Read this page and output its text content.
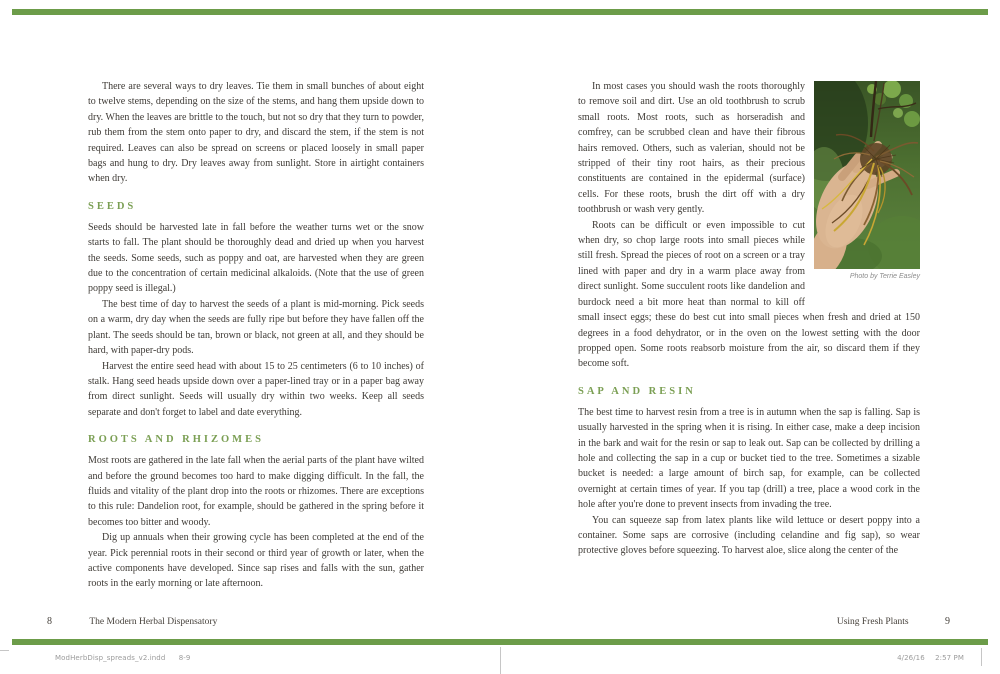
There are several ways to dry leaves. Tie them in small bunches of about eight to twelve stems, depending on the size of the stems, and hang them upside down to dry. When the leaves are brittle to the touch, but not so dry that they turn to powder, rub them from the stem onto paper to dry, and discard the stem, if the stem is not required. Leaves can also be spread on screens or placed loosely in small paper bags and hung to dry. Dry leaves away from sunlight. Store in airtight containers when dry.

SEEDS

Seeds should be harvested late in fall before the weather turns wet or the snow starts to fall. The plant should be thoroughly dead and dried up when you harvest the seeds. Some seeds, such as poppy and oat, are harvested when they are green due to the concentration of certain medicinal alkaloids. (Note that the use of green poppy seed is illegal.)

The best time of day to harvest the seeds of a plant is mid-morning. Pick seeds on a warm, dry day when the seeds are fully ripe but before they have fallen off the plant. The seeds should be tan, brown or black, not green at all, and they should be hard, with paper-dry pods.

Harvest the entire seed head with about 15 to 25 centimeters (6 to 10 inches) of stalk. Hang seed heads upside down over a paper-lined tray or in a paper bag away from direct sunlight. Seeds will usually dry within two weeks. Keep all seeds separate and don't forget to label and date everything.

ROOTS AND RHIZOMES

Most roots are gathered in the late fall when the aerial parts of the plant have wilted and before the ground becomes too hard to make digging difficult. In the fall, the fluids and vitality of the plant drop into the roots or rhizomes. There are exceptions to this rule: Dandelion root, for example, should be gathered in the spring before it becomes too bitter and woody.

Dig up annuals when their growing cycle has been completed at the end of the year. Pick perennial roots in their second or third year of growth or later, when the active components have developed. Since sap rises and falls with the sun, gather roots in the early morning or late afternoon.

Photo by Terrie Easley

In most cases you should wash the roots thoroughly to remove soil and dirt. Use an old toothbrush to scrub small roots. Most roots, such as horseradish and comfrey, can be scrubbed clean and have their fibrous hairs removed. Others, such as valerian, should not be stripped of their tiny root hairs, as their precious constituents are contained in the epidermal (surface) cells. For these roots, brush the dirt off with a dry toothbrush or wash very gently.

Roots can be difficult or even impossible to cut when dry, so chop large roots into small pieces while still fresh. Spread the pieces of root on a screen or a tray lined with paper and dry in a warm place away from direct sunlight. Some succulent roots like dandelion and burdock need a bit more heat than normal to kill off small insect eggs; these do best cut into small pieces when fresh and dried at 150 degrees in a food dehydrator, or in the oven on the lowest setting with the door propped open. Some roots reabsorb moisture from the air, so discard them if they become soft.

SAP AND RESIN

The best time to harvest resin from a tree is in autumn when the sap is falling. Sap is usually harvested in the spring when it is rising. In either case, make a deep incision in the bark and wait for the resin or sap to leak out. Sap can be collected by drilling a hole and collecting the sap in a cup or bucket tied to the tree. Sometimes a sizable bucket is needed: a large amount of birch sap, for example, can be collected overnight at certain times of year. If you tap (drill) a tree, place a wood cork in the hole after you're done to prevent insects from invading the tree.

You can squeeze sap from latex plants like wild lettuce or desert poppy into a container. Some saps are corrosive (including celandine and fig sap), so wear protective gloves before squeezing. To harvest aloe, slice along the center of the

8	The Modern Herbal Dispensatory	Using Fresh Plants	9
ModHerbDisp_spreads_v2.indd 8-9	4/26/16 2:57 PM
